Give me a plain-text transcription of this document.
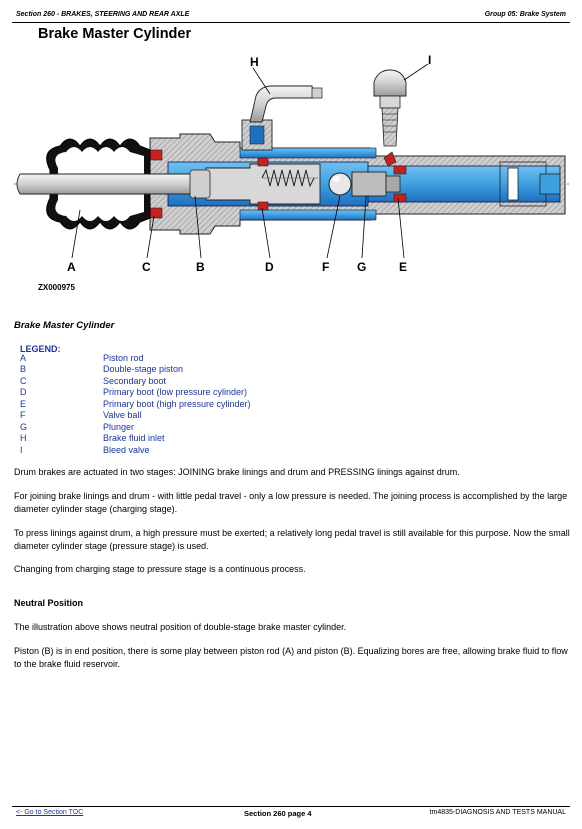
Section 260 - BRAKES, STEERING AND REAR AXLE	Group 05: Brake System
Brake Master Cylinder
H	I
A	C	B	D	F G	E
ZX000975
Brake Master Cylinder
LEGEND:
A	Piston rod
B	Double-stage piston
C	Secondary boot
D	Primary boot (low pressure cylinder)
E	Primary boot (high pressure cylinder)
F	Valve ball
G	Plunger
H	Brake fluid inlet
I	Bleed valve
Drum brakes are actuated in two stages: JOINING brake linings and drum and PRESSING linings against drum.
For joining brake linings and drum - with little pedal travel - only a low pressure is needed. The joining process is accomplished by the large diameter cylinder stage (charging stage).
To press linings against drum, a high pressure must be exerted; a relatively long pedal travel is still available for this purpose. Now the small diameter cylinder stage (pressure stage) is used.
Changing from charging stage to pressure stage is a continuous process.
Neutral Position
The illustration above shows neutral position of double-stage brake master cylinder.
Piston (B) is in end position, there is some play between piston rod (A) and piston (B). Equalizing bores are free, allowing brake fluid to flow to the brake fluid reservoir.
<- Go to Section TOC	Section 260 page 4	tm4835-DIAGNOSIS AND TESTS MANUAL
